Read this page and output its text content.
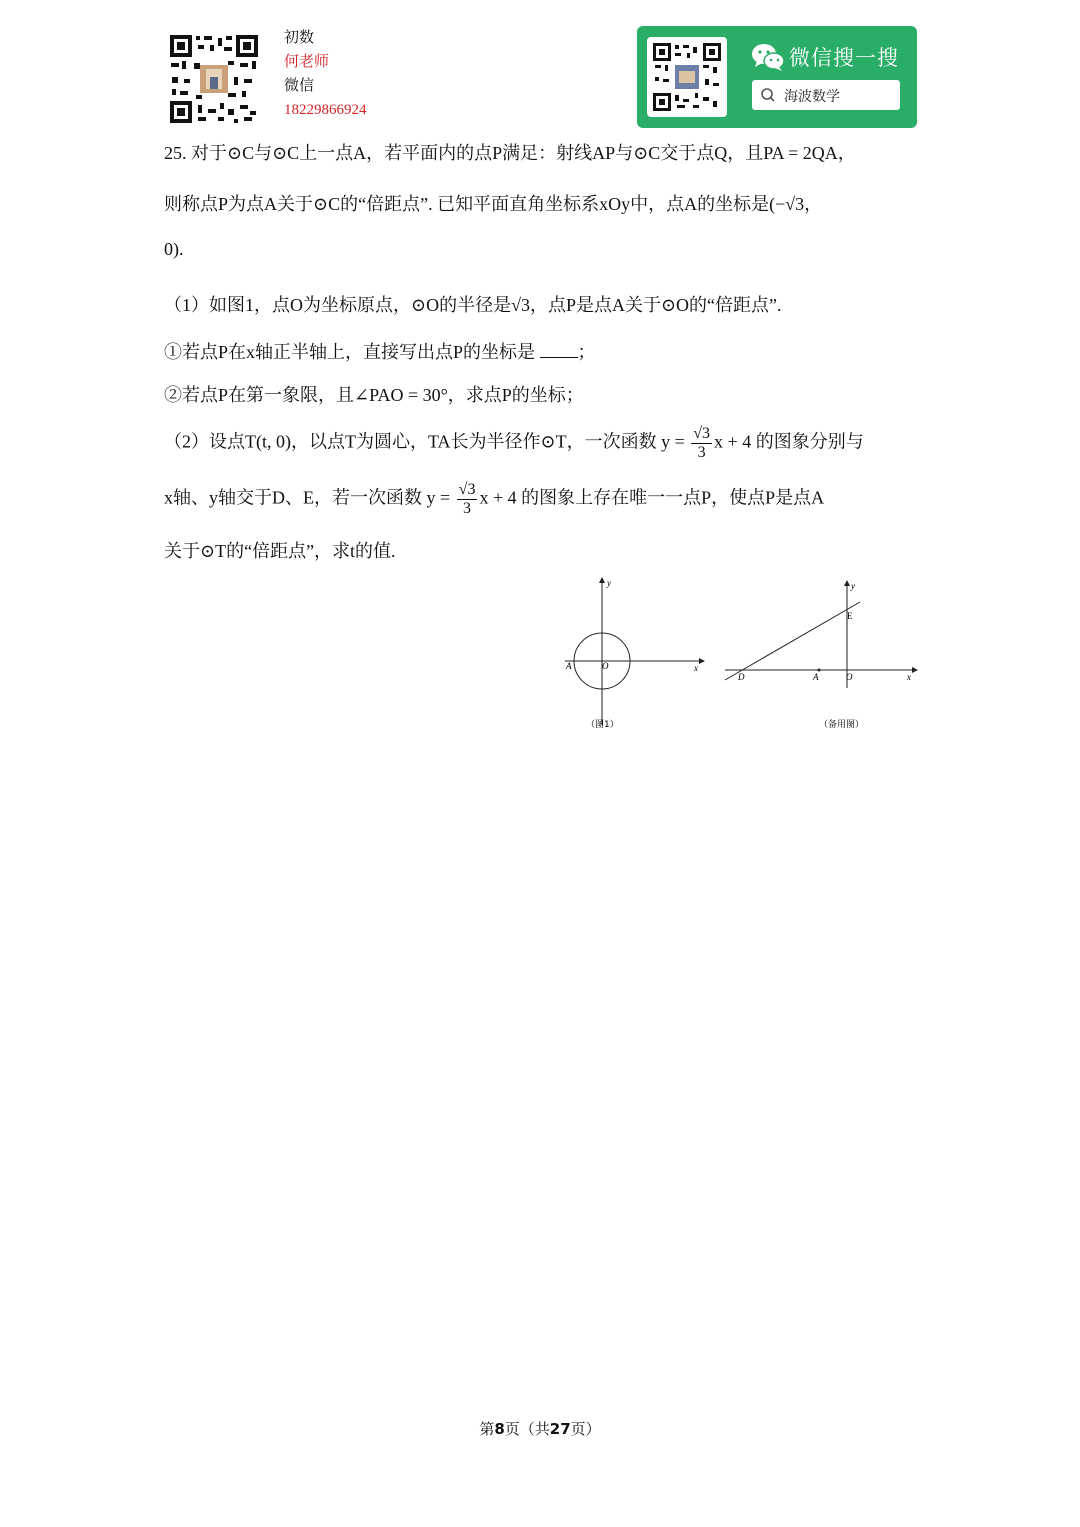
初数
何老师
微信
18229866924
微信搜一搜
海波数学
25. 对于⊙C与⊙C上一点A，若平面内的点P满足：射线AP与⊙C交于点Q，且PA = 2QA，
则称点P为点A关于⊙C的“倍距点”. 已知平面直角坐标系xOy中，点A的坐标是(−√3，
0).
（1）如图1，点O为坐标原点，⊙O的半径是√3，点P是点A关于⊙O的“倍距点”.
①若点P在x轴正半轴上，直接写出点P的坐标是 ；
②若点P在第一象限，且∠PAO = 30°，求点P的坐标；
（2）设点T(t, 0)，以点T为圆心，TA长为半径作⊙T，一次函数 $y = \frac{√3}{3}$ x + 4 的图象分别与
x轴、y轴交于D、E，若一次函数 $y = \frac{√3}{3}$ x + 4 的图象上存在唯一一点P，使点P是点A
关于⊙T的“倍距点”，求t的值.
y
x
A	O
（图1）
y
x
E
D	A	O
（备用图）
第8页（共27页）
